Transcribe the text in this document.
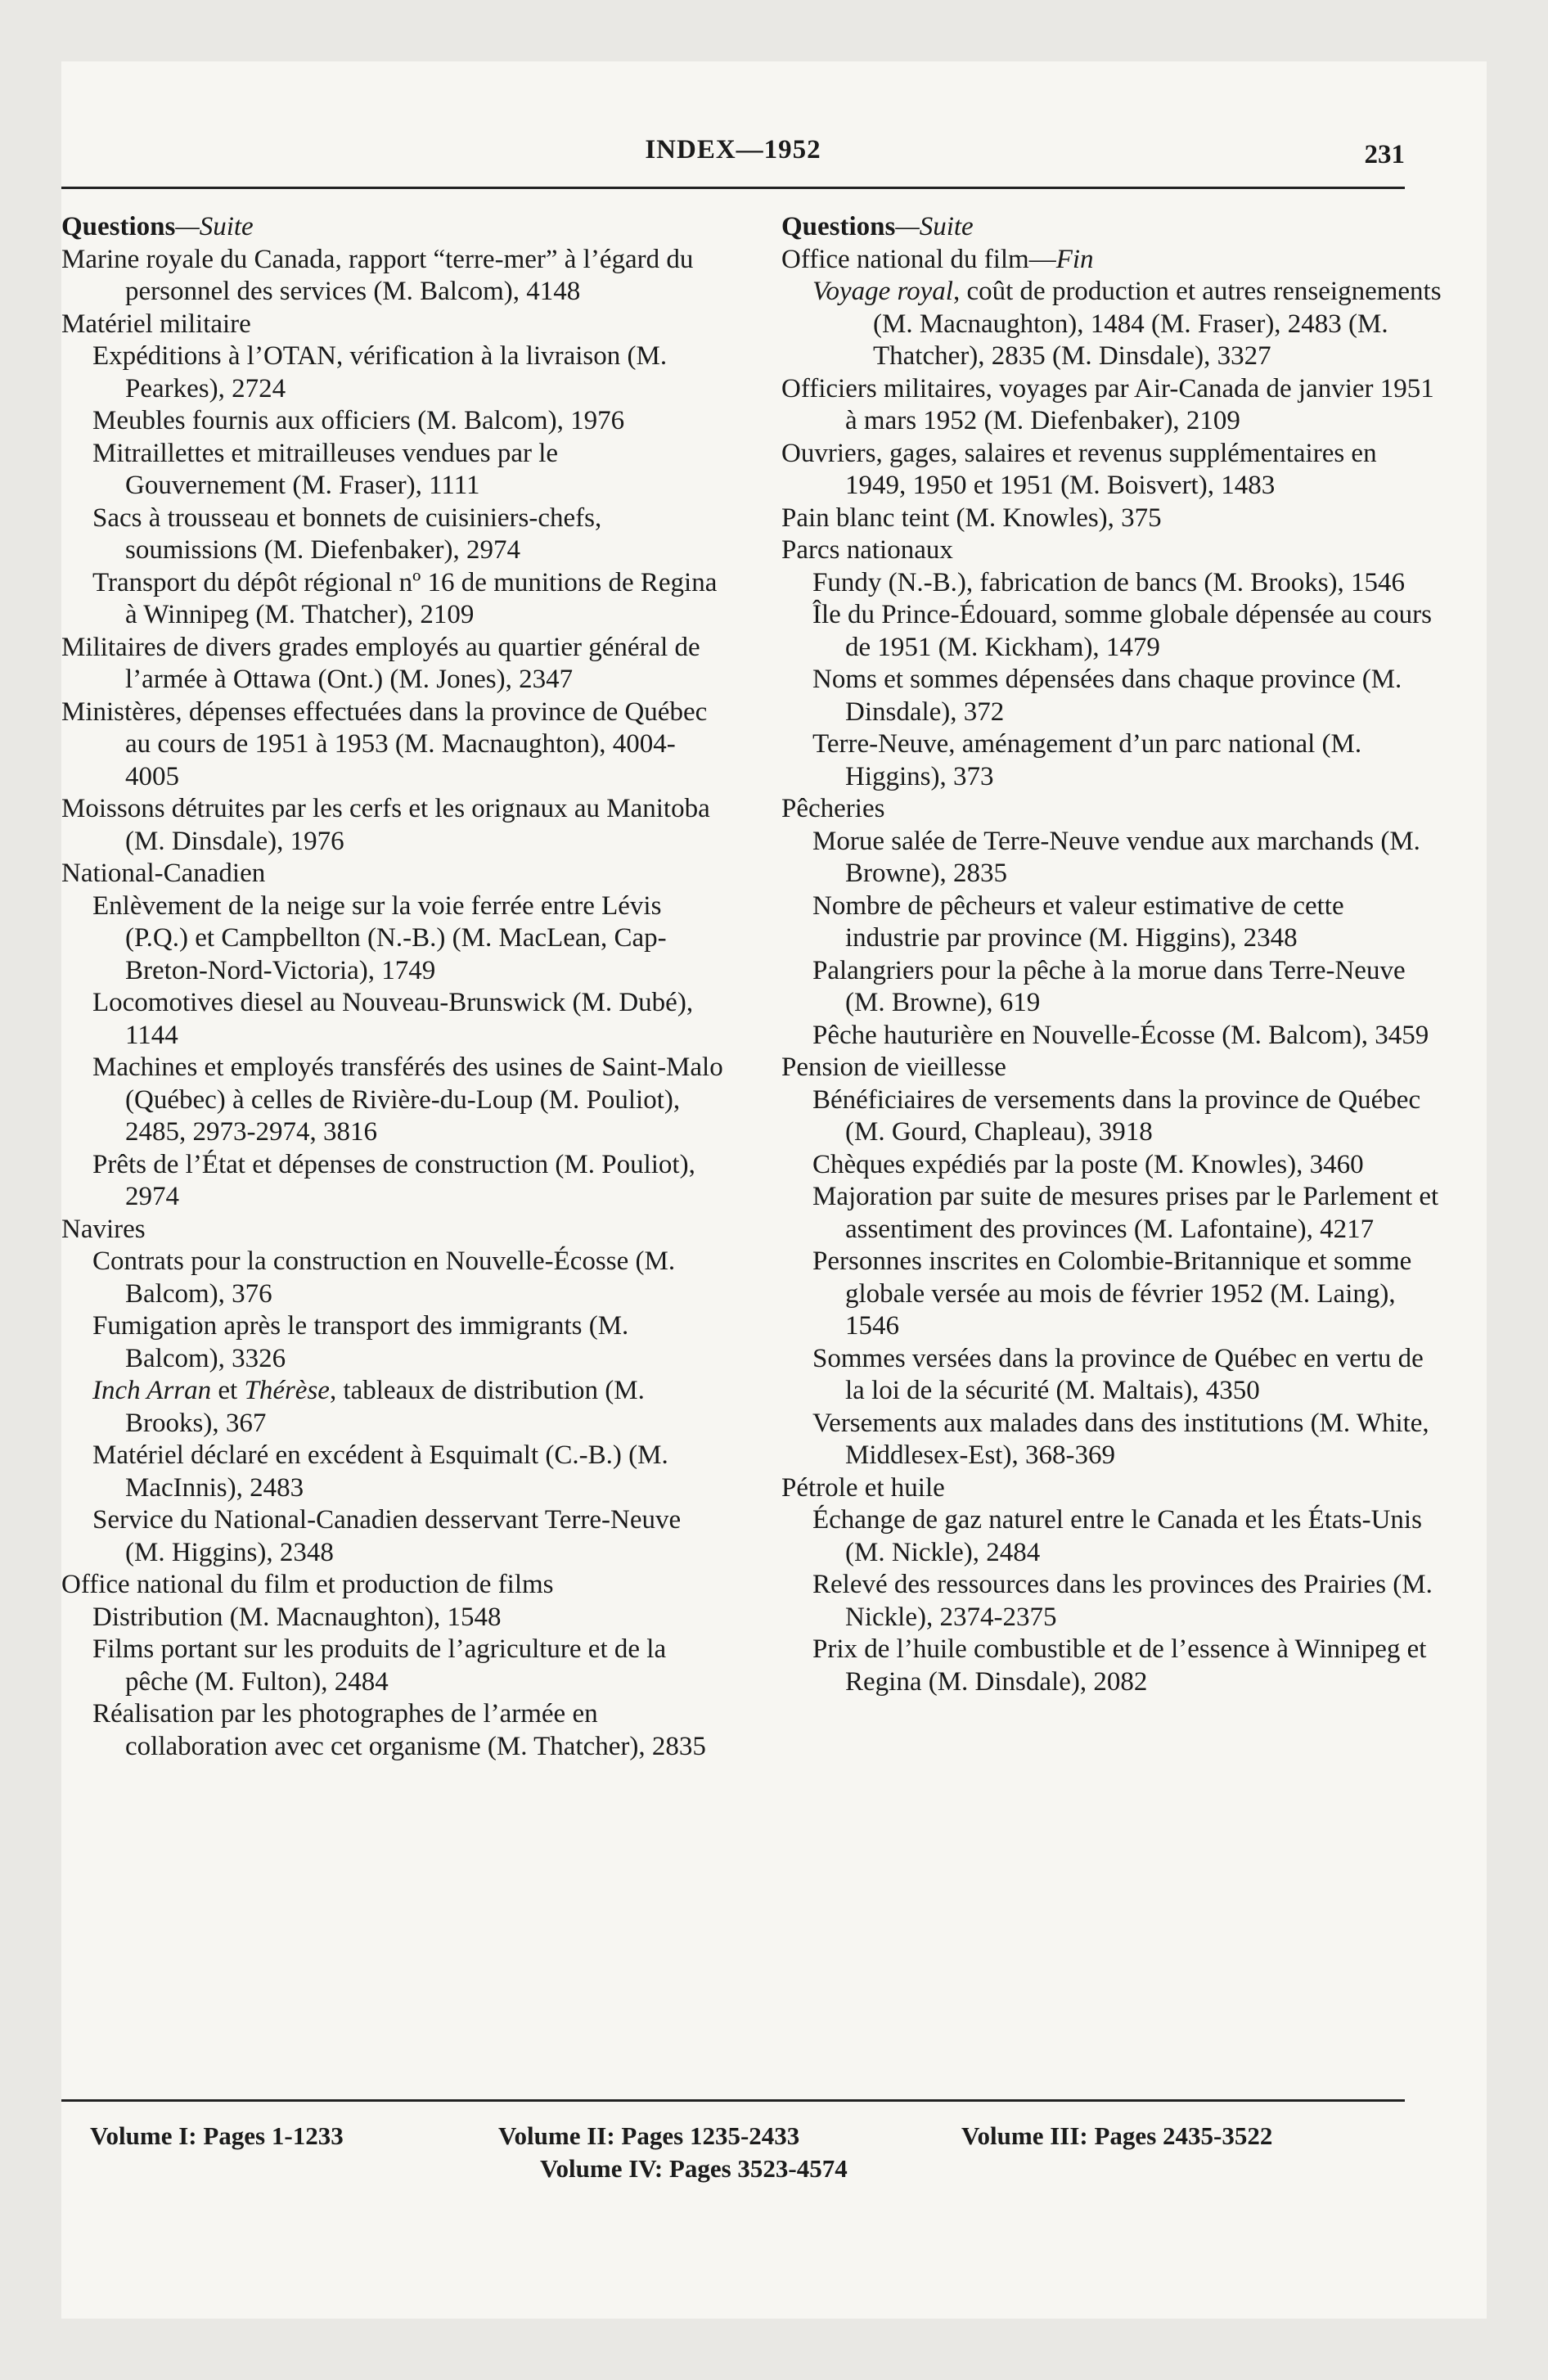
INDEX—1952	231
Questions—Suite

Marine royale du Canada, rapport “terre-mer” à l’égard du personnel des services (M. Balcom), 4148

Matériel militaire

Expéditions à l’OTAN, vérification à la livraison (M. Pearkes), 2724

Meubles fournis aux officiers (M. Balcom), 1976

Mitraillettes et mitrailleuses vendues par le Gouvernement (M. Fraser), 1111

Sacs à trousseau et bonnets de cuisiniers-chefs, soumissions (M. Diefenbaker), 2974

Transport du dépôt régional nº 16 de munitions de Regina à Winnipeg (M. Thatcher), 2109

Militaires de divers grades employés au quartier général de l’armée à Ottawa (Ont.) (M. Jones), 2347

Ministères, dépenses effectuées dans la province de Québec au cours de 1951 à 1953 (M. Macnaughton), 4004-4005

Moissons détruites par les cerfs et les orignaux au Manitoba (M. Dinsdale), 1976

National-Canadien

Enlèvement de la neige sur la voie ferrée entre Lévis (P.Q.) et Campbellton (N.-B.) (M. MacLean, Cap-Breton-Nord-Victoria), 1749

Locomotives diesel au Nouveau-Brunswick (M. Dubé), 1144

Machines et employés transférés des usines de Saint-Malo (Québec) à celles de Rivière-du-Loup (M. Pouliot), 2485, 2973-2974, 3816

Prêts de l’État et dépenses de construction (M. Pouliot), 2974

Navires

Contrats pour la construction en Nouvelle-Écosse (M. Balcom), 376

Fumigation après le transport des immigrants (M. Balcom), 3326

Inch Arran et Thérèse, tableaux de distribution (M. Brooks), 367

Matériel déclaré en excédent à Esquimalt (C.-B.) (M. MacInnis), 2483

Service du National-Canadien desservant Terre-Neuve (M. Higgins), 2348

Office national du film et production de films

Distribution (M. Macnaughton), 1548

Films portant sur les produits de l’agriculture et de la pêche (M. Fulton), 2484

Réalisation par les photographes de l’armée en collaboration avec cet organisme (M. Thatcher), 2835

Questions—Suite

Office national du film—Fin

Voyage royal, coût de production et autres renseignements (M. Macnaughton), 1484 (M. Fraser), 2483 (M. Thatcher), 2835 (M. Dinsdale), 3327

Officiers militaires, voyages par Air-Canada de janvier 1951 à mars 1952 (M. Diefenbaker), 2109

Ouvriers, gages, salaires et revenus supplémentaires en 1949, 1950 et 1951 (M. Boisvert), 1483

Pain blanc teint (M. Knowles), 375

Parcs nationaux

Fundy (N.-B.), fabrication de bancs (M. Brooks), 1546

Île du Prince-Édouard, somme globale dépensée au cours de 1951 (M. Kickham), 1479

Noms et sommes dépensées dans chaque province (M. Dinsdale), 372

Terre-Neuve, aménagement d’un parc national (M. Higgins), 373

Pêcheries

Morue salée de Terre-Neuve vendue aux marchands (M. Browne), 2835

Nombre de pêcheurs et valeur estimative de cette industrie par province (M. Higgins), 2348

Palangriers pour la pêche à la morue dans Terre-Neuve (M. Browne), 619

Pêche hauturière en Nouvelle-Écosse (M. Balcom), 3459

Pension de vieillesse

Bénéficiaires de versements dans la province de Québec (M. Gourd, Chapleau), 3918

Chèques expédiés par la poste (M. Knowles), 3460

Majoration par suite de mesures prises par le Parlement et assentiment des provinces (M. Lafontaine), 4217

Personnes inscrites en Colombie-Britannique et somme globale versée au mois de février 1952 (M. Laing), 1546

Sommes versées dans la province de Québec en vertu de la loi de la sécurité (M. Maltais), 4350

Versements aux malades dans des institutions (M. White, Middlesex-Est), 368-369

Pétrole et huile

Échange de gaz naturel entre le Canada et les États-Unis (M. Nickle), 2484

Relevé des ressources dans les provinces des Prairies (M. Nickle), 2374-2375

Prix de l’huile combustible et de l’essence à Winnipeg et Regina (M. Dinsdale), 2082

Volume I: Pages 1-1233	Volume II: Pages 1235-2433	Volume III: Pages 2435-3522
Volume IV: Pages 3523-4574
